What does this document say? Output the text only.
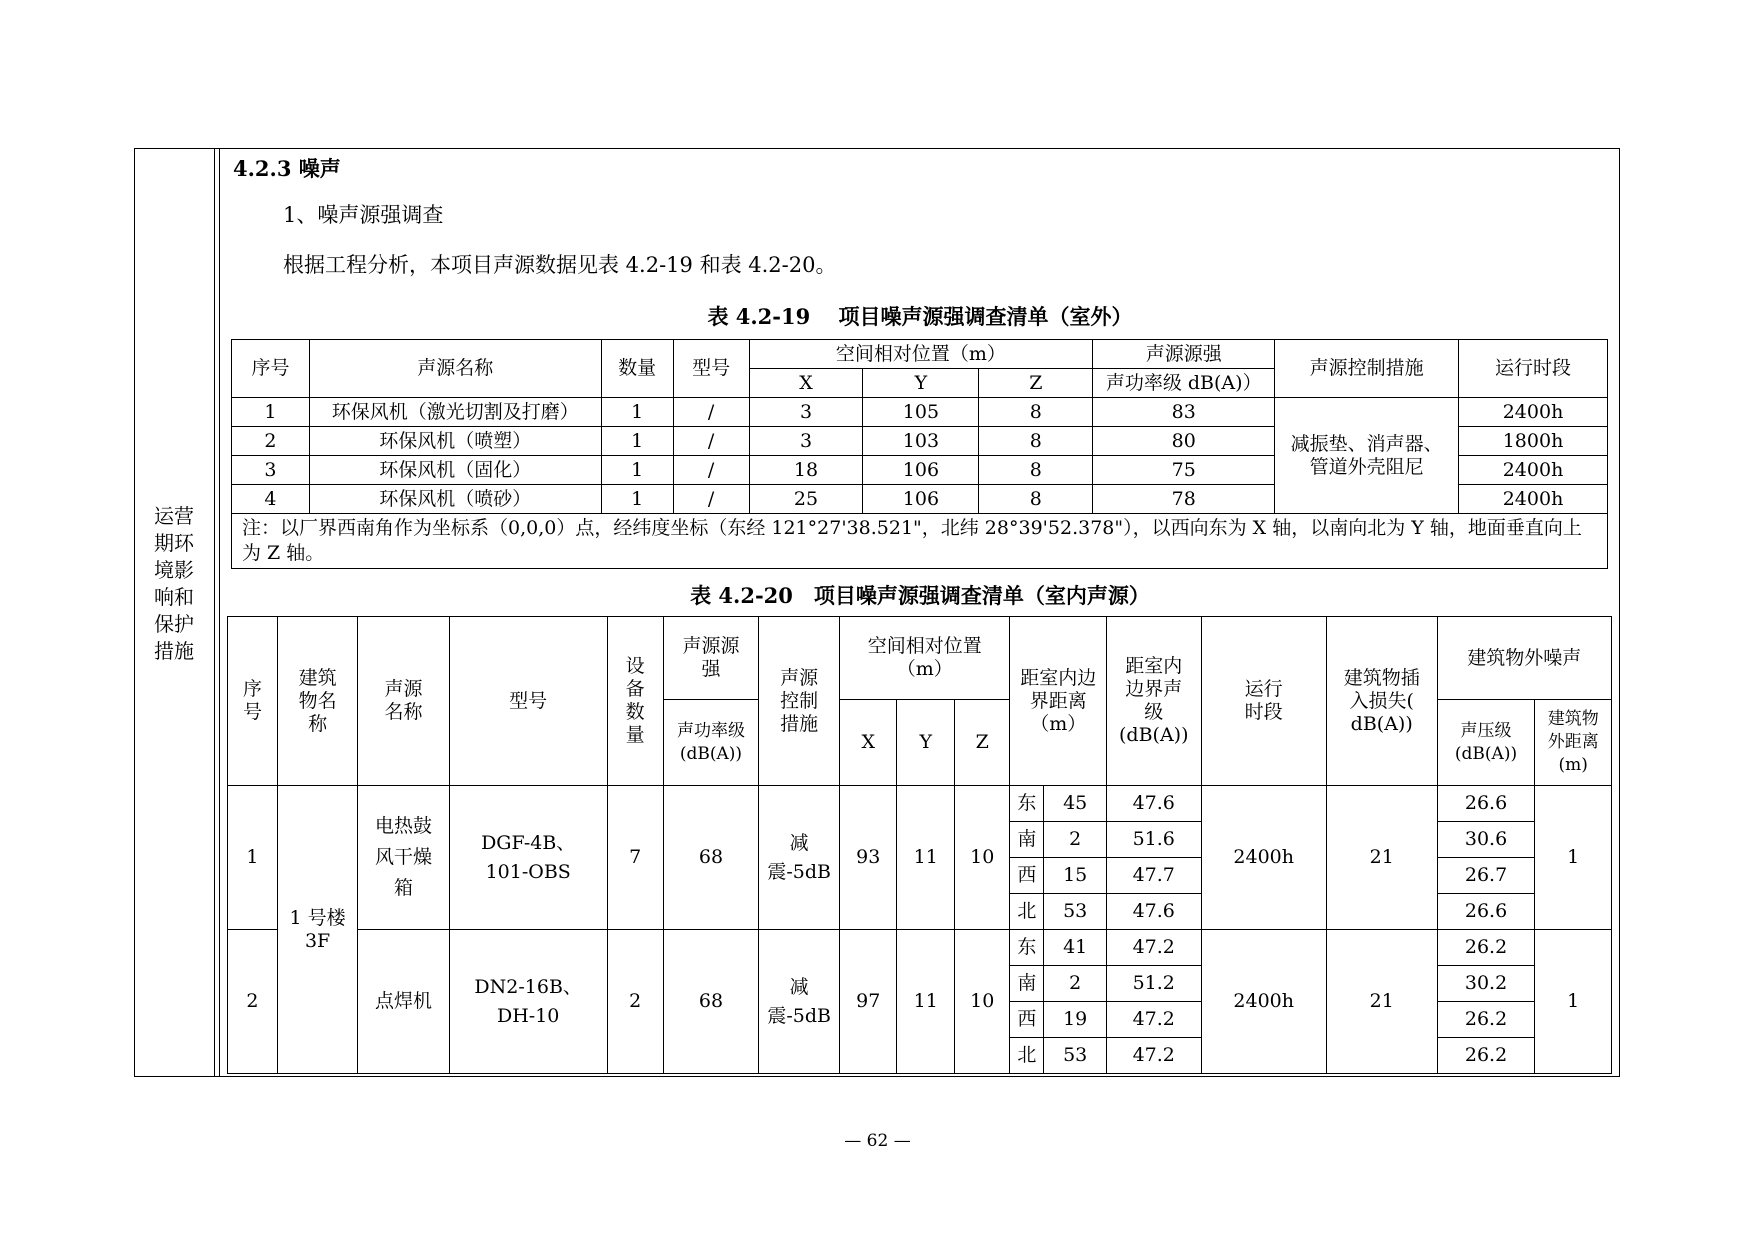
运营期环境影响和保护措施
4.2.3 噪声
1、噪声源强调查
根据工程分析，本项目声源数据见表 4.2-19 和表 4.2-20。
表 4.2-19　 项目噪声源强调查清单（室外）
序号	声源名称	数量	型号	空间相对位置（m）			声源源强	声源控制措施	运行时段
				X	Y	Z	声功率级 dB(A)）		
1	环保风机（激光切割及打磨）	1	/	3	105	8	83	减振垫、消声器、管道外壳阻尼	2400h
2	环保风机（喷塑）	1	/	3	103	8	80		1800h
3	环保风机（固化）	1	/	18	106	8	75		2400h
4	环保风机（喷砂）	1	/	25	106	8	78		2400h
注：以厂界西南角作为坐标系（0,0,0）点，经纬度坐标（东经 121°27'38.521"，北纬 28°39'52.378"），以西向东为 X 轴，以南向北为 Y 轴，地面垂直向上为 Z 轴。									
表 4.2-20　项目噪声源强调查清单（室内声源）
序号	建筑物名称	声源名称	型号	设备数量	声源源强	声源控制措施	空间相对位置（m）			距室内边界距离（m）		距室内边界声级(dB(A))	运行时段	建筑物插入损失( dB(A))	建筑物外噪声	
					声功率级(dB(A))		X	Y	Z						声压级(dB(A))	建筑物外距离(m)
1	1 号楼 3F	电热鼓风干燥箱	DGF-4B、101-OBS	7	68	减震-5dB	93	11	10	东	45	47.6	2400h	21	26.6	1
										南	2	51.6			30.6	
										西	15	47.7			26.7	
										北	53	47.6			26.6	
2		点焊机	DN2-16B、DH-10	2	68	减震-5dB	97	11	10	东	41	47.2	2400h	21	26.2	1
										南	2	51.2			30.2	
										西	19	47.2			26.2	
										北	53	47.2			26.2	
— 62 —
